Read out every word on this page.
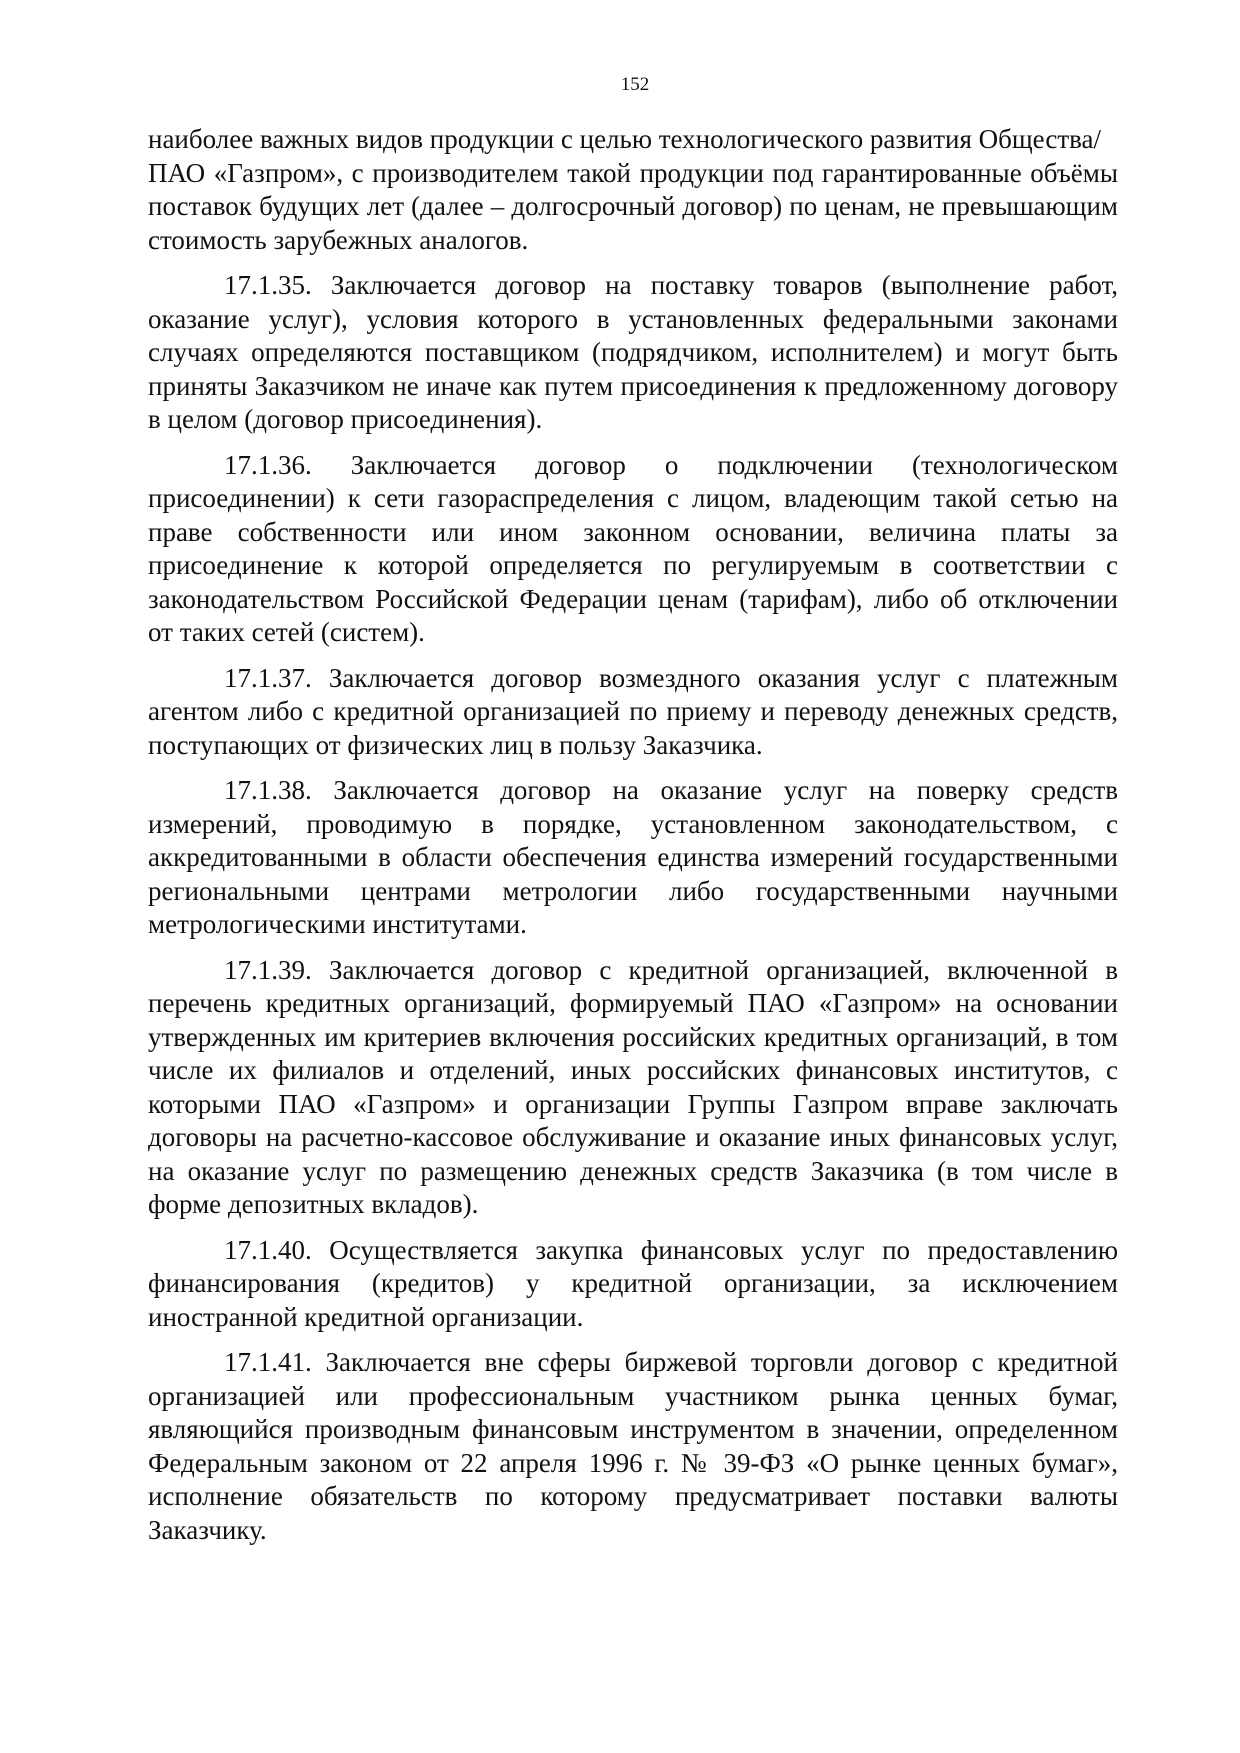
152

наиболее важных видов продукции с целью технологического развития Общества/
ПАО «Газпром», с производителем такой продукции под гарантированные объёмы поставок будущих лет (далее – долгосрочный договор) по ценам, не превышающим стоимость зарубежных аналогов.

17.1.35. Заключается договор на поставку товаров (выполнение работ, оказание услуг), условия которого в установленных федеральными законами случаях определяются поставщиком (подрядчиком, исполнителем) и могут быть приняты Заказчиком не иначе как путем присоединения к предложенному договору в целом (договор присоединения).

17.1.36. Заключается договор о подключении (технологическом присоединении) к сети газораспределения с лицом, владеющим такой сетью на праве собственности или ином законном основании, величина платы за присоединение к которой определяется по регулируемым в соответствии с законодательством Российской Федерации ценам (тарифам), либо об отключении от таких сетей (систем).

17.1.37. Заключается договор возмездного оказания услуг с платежным агентом либо с кредитной организацией по приему и переводу денежных средств, поступающих от физических лиц в пользу Заказчика.

17.1.38. Заключается договор на оказание услуг на поверку средств измерений, проводимую в порядке, установленном законодательством, с аккредитованными в области обеспечения единства измерений государственными региональными центрами метрологии либо государственными научными метрологическими институтами.

17.1.39. Заключается договор с кредитной организацией, включенной в перечень кредитных организаций, формируемый ПАО «Газпром» на основании утвержденных им критериев включения российских кредитных организаций, в том числе их филиалов и отделений, иных российских финансовых институтов, с которыми ПАО «Газпром» и организации Группы Газпром вправе заключать договоры на расчетно-кассовое обслуживание и оказание иных финансовых услуг, на оказание услуг по размещению денежных средств Заказчика (в том числе в форме депозитных вкладов).

17.1.40. Осуществляется закупка финансовых услуг по предоставлению финансирования (кредитов) у кредитной организации, за исключением иностранной кредитной организации.

17.1.41. Заключается вне сферы биржевой торговли договор с кредитной организацией или профессиональным участником рынка ценных бумаг, являющийся производным финансовым инструментом в значении, определенном Федеральным законом от 22 апреля 1996 г. № 39-ФЗ «О рынке ценных бумаг», исполнение обязательств по которому предусматривает поставки валюты Заказчику.
